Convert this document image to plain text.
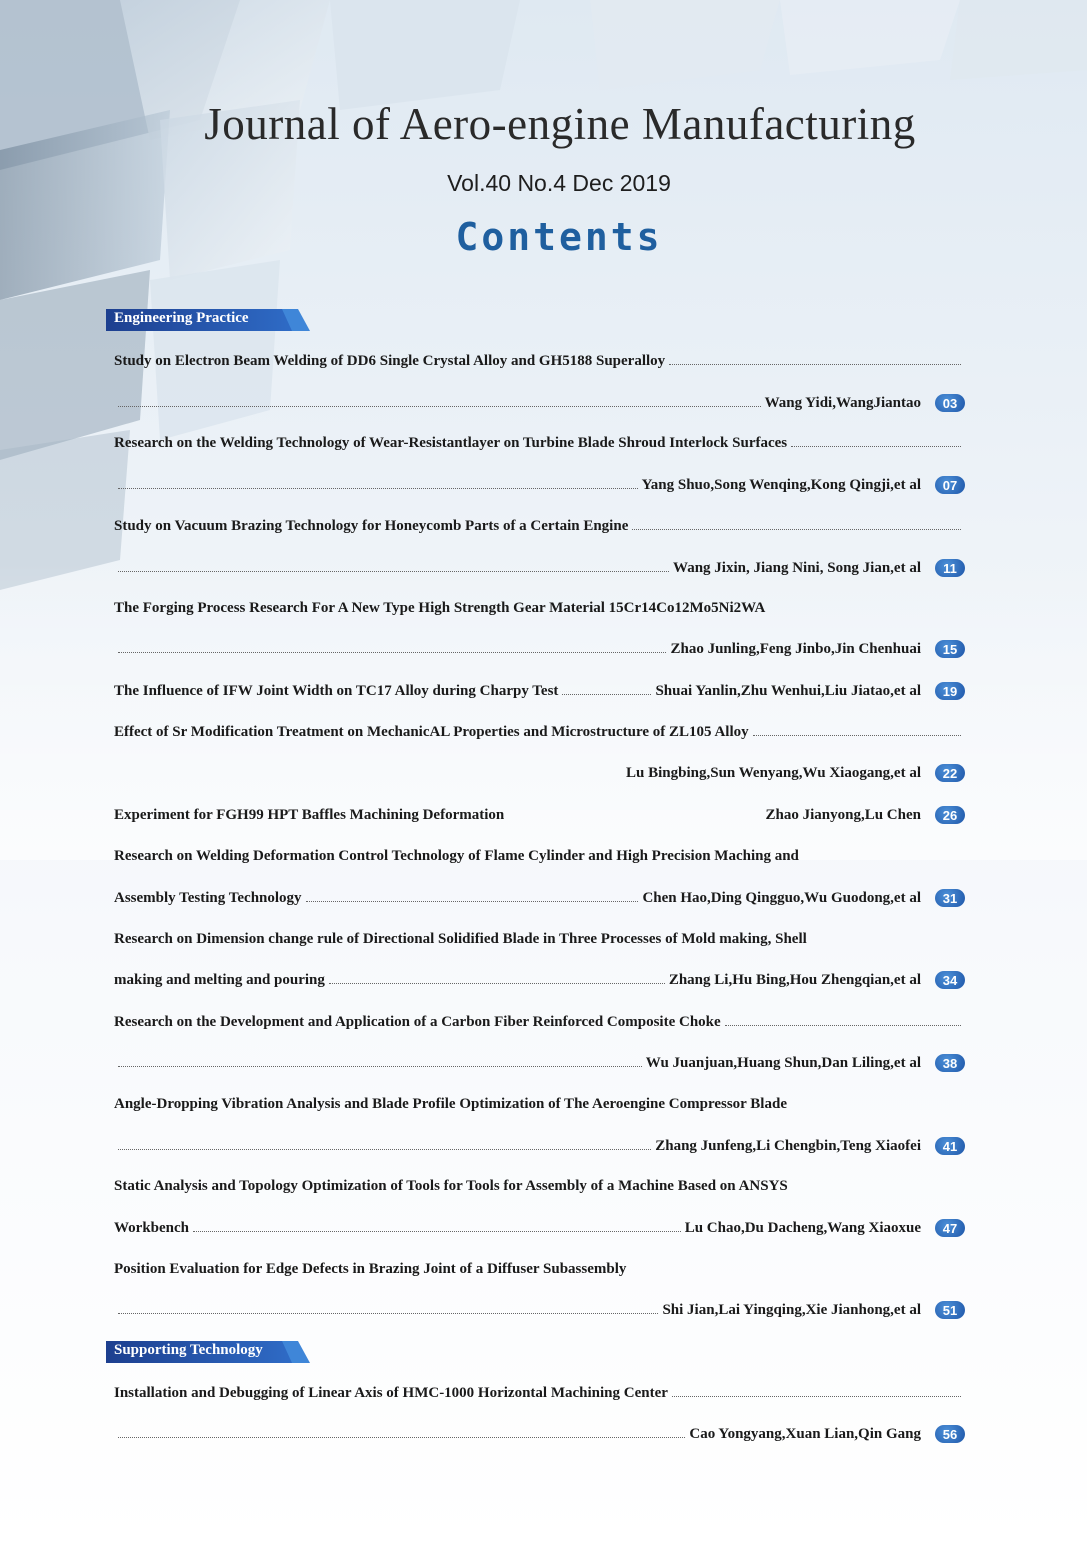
Journal of Aero-engine Manufacturing
Vol.40 No.4 Dec 2019
Contents
Engineering Practice
Study on Electron Beam Welding of DD6 Single Crystal Alloy and GH5188 Superalloy
Wang Yidi,WangJiantao	03
Research on the Welding Technology of Wear-Resistantlayer on Turbine Blade Shroud Interlock Surfaces
Yang Shuo,Song Wenqing,Kong Qingji,et al	07
Study on Vacuum Brazing Technology for Honeycomb Parts of a Certain Engine
Wang Jixin, Jiang Nini, Song Jian,et al	11
The Forging Process Research For A New Type High Strength Gear Material 15Cr14Co12Mo5Ni2WA
Zhao Junling,Feng Jinbo,Jin Chenhuai	15
The Influence of IFW Joint Width on TC17 Alloy during Charpy Test	Shuai Yanlin,Zhu Wenhui,Liu Jiatao,et al	19
Effect of Sr Modification Treatment on MechanicAL Properties and Microstructure of ZL105 Alloy
Lu Bingbing,Sun Wenyang,Wu Xiaogang,et al	22
Experiment for FGH99 HPT Baffles Machining Deformation	Zhao Jianyong,Lu Chen	26
Research on Welding Deformation Control Technology of Flame Cylinder and High Precision Maching and
Assembly Testing Technology	Chen Hao,Ding Qingguo,Wu Guodong,et al	31
Research on Dimension change rule of Directional Solidified Blade in Three Processes of Mold making, Shell
making and melting and pouring	Zhang Li,Hu Bing,Hou Zhengqian,et al	34
Research on the Development and Application of a Carbon Fiber Reinforced Composite Choke
Wu Juanjuan,Huang Shun,Dan Liling,et al	38
Angle-Dropping Vibration Analysis and Blade Profile Optimization of The Aeroengine Compressor Blade
Zhang Junfeng,Li Chengbin,Teng Xiaofei	41
Static Analysis and Topology Optimization of Tools for Tools for Assembly of a Machine Based on ANSYS
Workbench	Lu Chao,Du Dacheng,Wang Xiaoxue	47
Position Evaluation for Edge Defects in Brazing Joint of a Diffuser Subassembly
Shi Jian,Lai Yingqing,Xie Jianhong,et al	51
Supporting Technology
Installation and Debugging of Linear Axis of HMC-1000 Horizontal Machining Center
Cao Yongyang,Xuan Lian,Qin Gang	56
